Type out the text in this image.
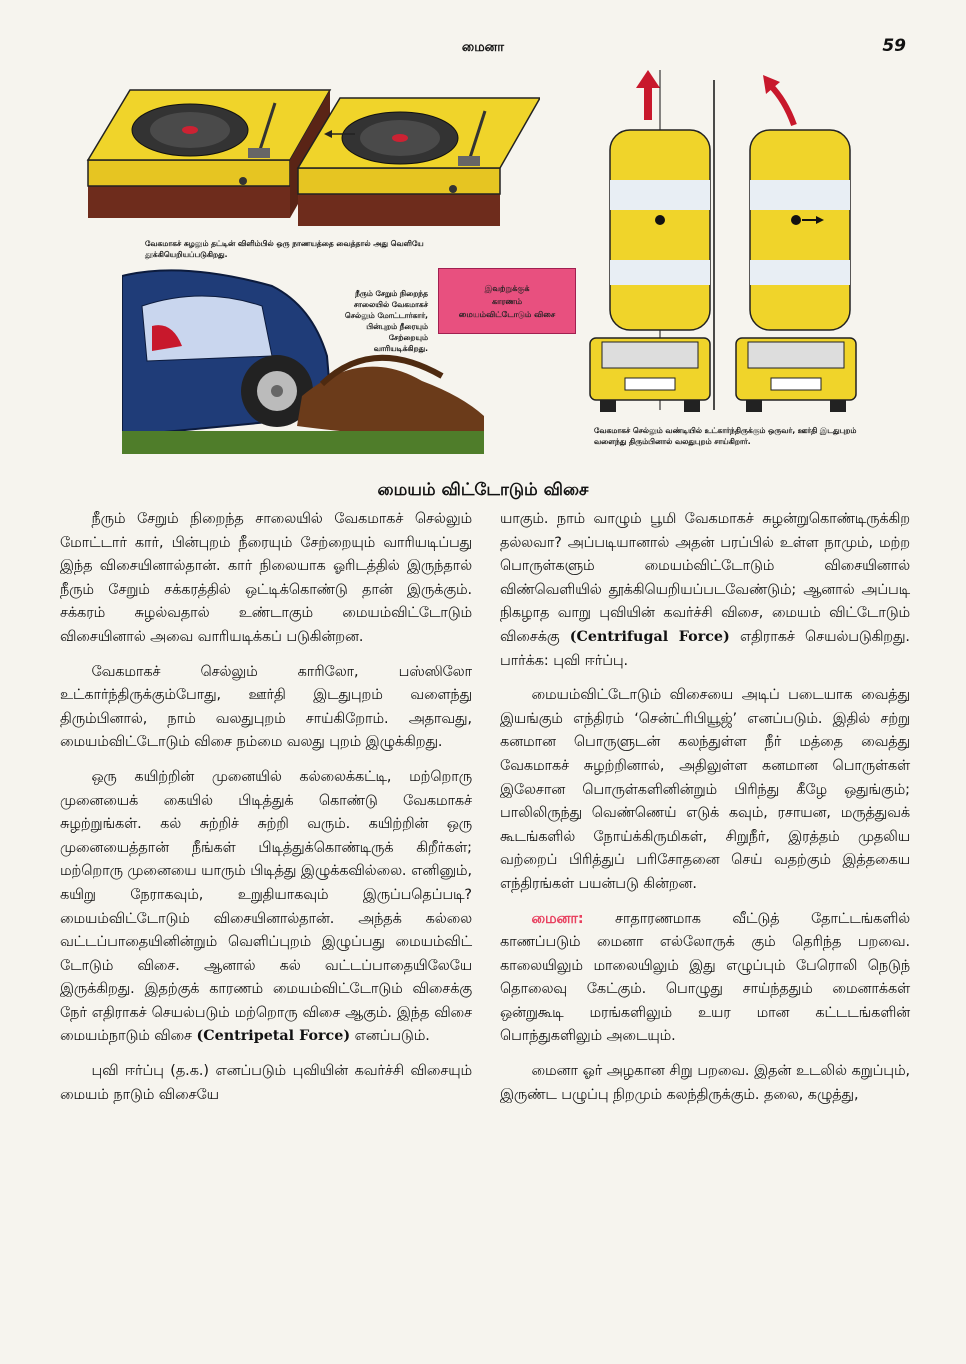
மைனா	59
வேகமாகச் சுழலும் தட்டின் விளிம்பில் ஒரு நாணயத்தை வைத்தால் அது வெளியே தூக்கியெறியப்படுகிறது.
நீரும் சேறும் நிறைந்த சாலையில் வேகமாகச் செல்லும் மோட்டார்கார், பின்புறம் நீரையும் சேற்றையும் வாரியடிக்கிறது.
இவற்றுக்குக்
காரணம்
மையம்விட்டோடும் விசை
வேகமாகச் செல்லும் வண்டியில் உட்கார்ந்திருக்கும் ஒருவர், ஊர்தி இடதுபுறம் வளைந்து திரும்பினால் வலதுபுறம் சாய்கிறார்.
மையம் விட்டோடும் விசை

நீரும் சேறும் நிறைந்த சாலையில் வேகமாகச் செல்லும் மோட்டார் கார், பின்புறம் நீரையும் சேற்றையும் வாரியடிப்பது இந்த விசையினால்தான். கார் நிலையாக ஓரிடத்தில் இருந்தால் நீரும் சேறும் சக்கரத்தில் ஒட்டிக்கொண்டு தான் இருக்கும். சக்கரம் சுழல்வதால் உண்டாகும் மையம்விட்டோடும் விசையினால் அவை வாரியடிக்கப் படுகின்றன.

வேகமாகச் செல்லும் காரிலோ, பஸ்ஸிலோ உட்கார்ந்திருக்கும்போது, ஊர்தி இடதுபுறம் வளைந்து திரும்பினால், நாம் வலதுபுறம் சாய்கிறோம். அதாவது, மையம்விட்டோடும் விசை நம்மை வலது புறம் இழுக்கிறது.

ஒரு கயிற்றின் முனையில் கல்லைக்கட்டி, மற்றொரு முனையைக் கையில் பிடித்துக் கொண்டு வேகமாகச் சுழற்றுங்கள். கல் சுற்றிச் சுற்றி வரும். கயிற்றின் ஒரு முனையைத்தான் நீங்கள் பிடித்துக்கொண்டிருக் கிறீர்கள்; மற்றொரு முனையை யாரும் பிடித்து இழுக்கவில்லை. எனினும், கயிறு நேராகவும், உறுதியாகவும் இருப்பதெப்படி? மையம்விட்டோடும் விசையினால்தான். அந்தக் கல்லை வட்டப்பாதையினின்றும் வெளிப்புறம் இழுப்பது மையம்விட் டோடும் விசை. ஆனால் கல் வட்டப்பாதையிலேயே இருக்கிறது. இதற்குக் காரணம் மையம்விட்டோடும் விசைக்கு நேர் எதிராகச் செயல்படும் மற்றொரு விசை ஆகும். இந்த விசை மையம்நாடும் விசை (Centripetal Force) எனப்படும்.

புவி ஈர்ப்பு (த.க.) எனப்படும் புவியின் கவர்ச்சி விசையும் மையம் நாடும் விசையே

யாகும். நாம் வாழும் பூமி வேகமாகச் சுழன்றுகொண்டிருக்கிற தல்லவா? அப்படியானால் அதன் பரப்பில் உள்ள நாமும், மற்ற பொருள்களும் மையம்விட்டோடும் விசையினால் விண்வெளியில் தூக்கியெறியப்படவேண்டும்; ஆனால் அப்படி நிகழாத வாறு புவியின் கவர்ச்சி விசை, மையம் விட்டோடும் விசைக்கு (Centrifugal Force) எதிராகச் செயல்படுகிறது. பார்க்க: புவி ஈர்ப்பு.

மையம்விட்டோடும் விசையை அடிப் படையாக வைத்து இயங்கும் எந்திரம் ‘சென்ட்ரிபியூஜ்’ எனப்படும். இதில் சற்று கனமான பொருளுடன் கலந்துள்ள நீர் மத்தை வைத்து வேகமாகச் சுழற்றினால், அதிலுள்ள கனமான பொருள்கள் இலேசான பொருள்களினின்றும் பிரிந்து கீழே ஒதுங்கும்; பாலிலிருந்து வெண்ணெய் எடுக் கவும், ரசாயன, மருத்துவக் கூடங்களில் நோய்க்கிருமிகள், சிறுநீர், இரத்தம் முதலிய வற்றைப் பிரித்துப் பரிசோதனை செய் வதற்கும் இத்தகைய எந்திரங்கள் பயன்படு கின்றன.

மைனா: சாதாரணமாக வீட்டுத் தோட்டங்களில் காணப்படும் மைனா எல்லோருக் கும் தெரிந்த பறவை. காலையிலும் மாலையிலும் இது எழுப்பும் பேரொலி நெடுந் தொலைவு கேட்கும். பொழுது சாய்ந்ததும் மைனாக்கள் ஒன்றுகூடி மரங்களிலும் உயர மான கட்டடங்களின் பொந்துகளிலும் அடையும்.

மைனா ஓர் அழகான சிறு பறவை. இதன் உடலில் கறுப்பும், இருண்ட பழுப்பு நிறமும் கலந்திருக்கும். தலை, கழுத்து,
